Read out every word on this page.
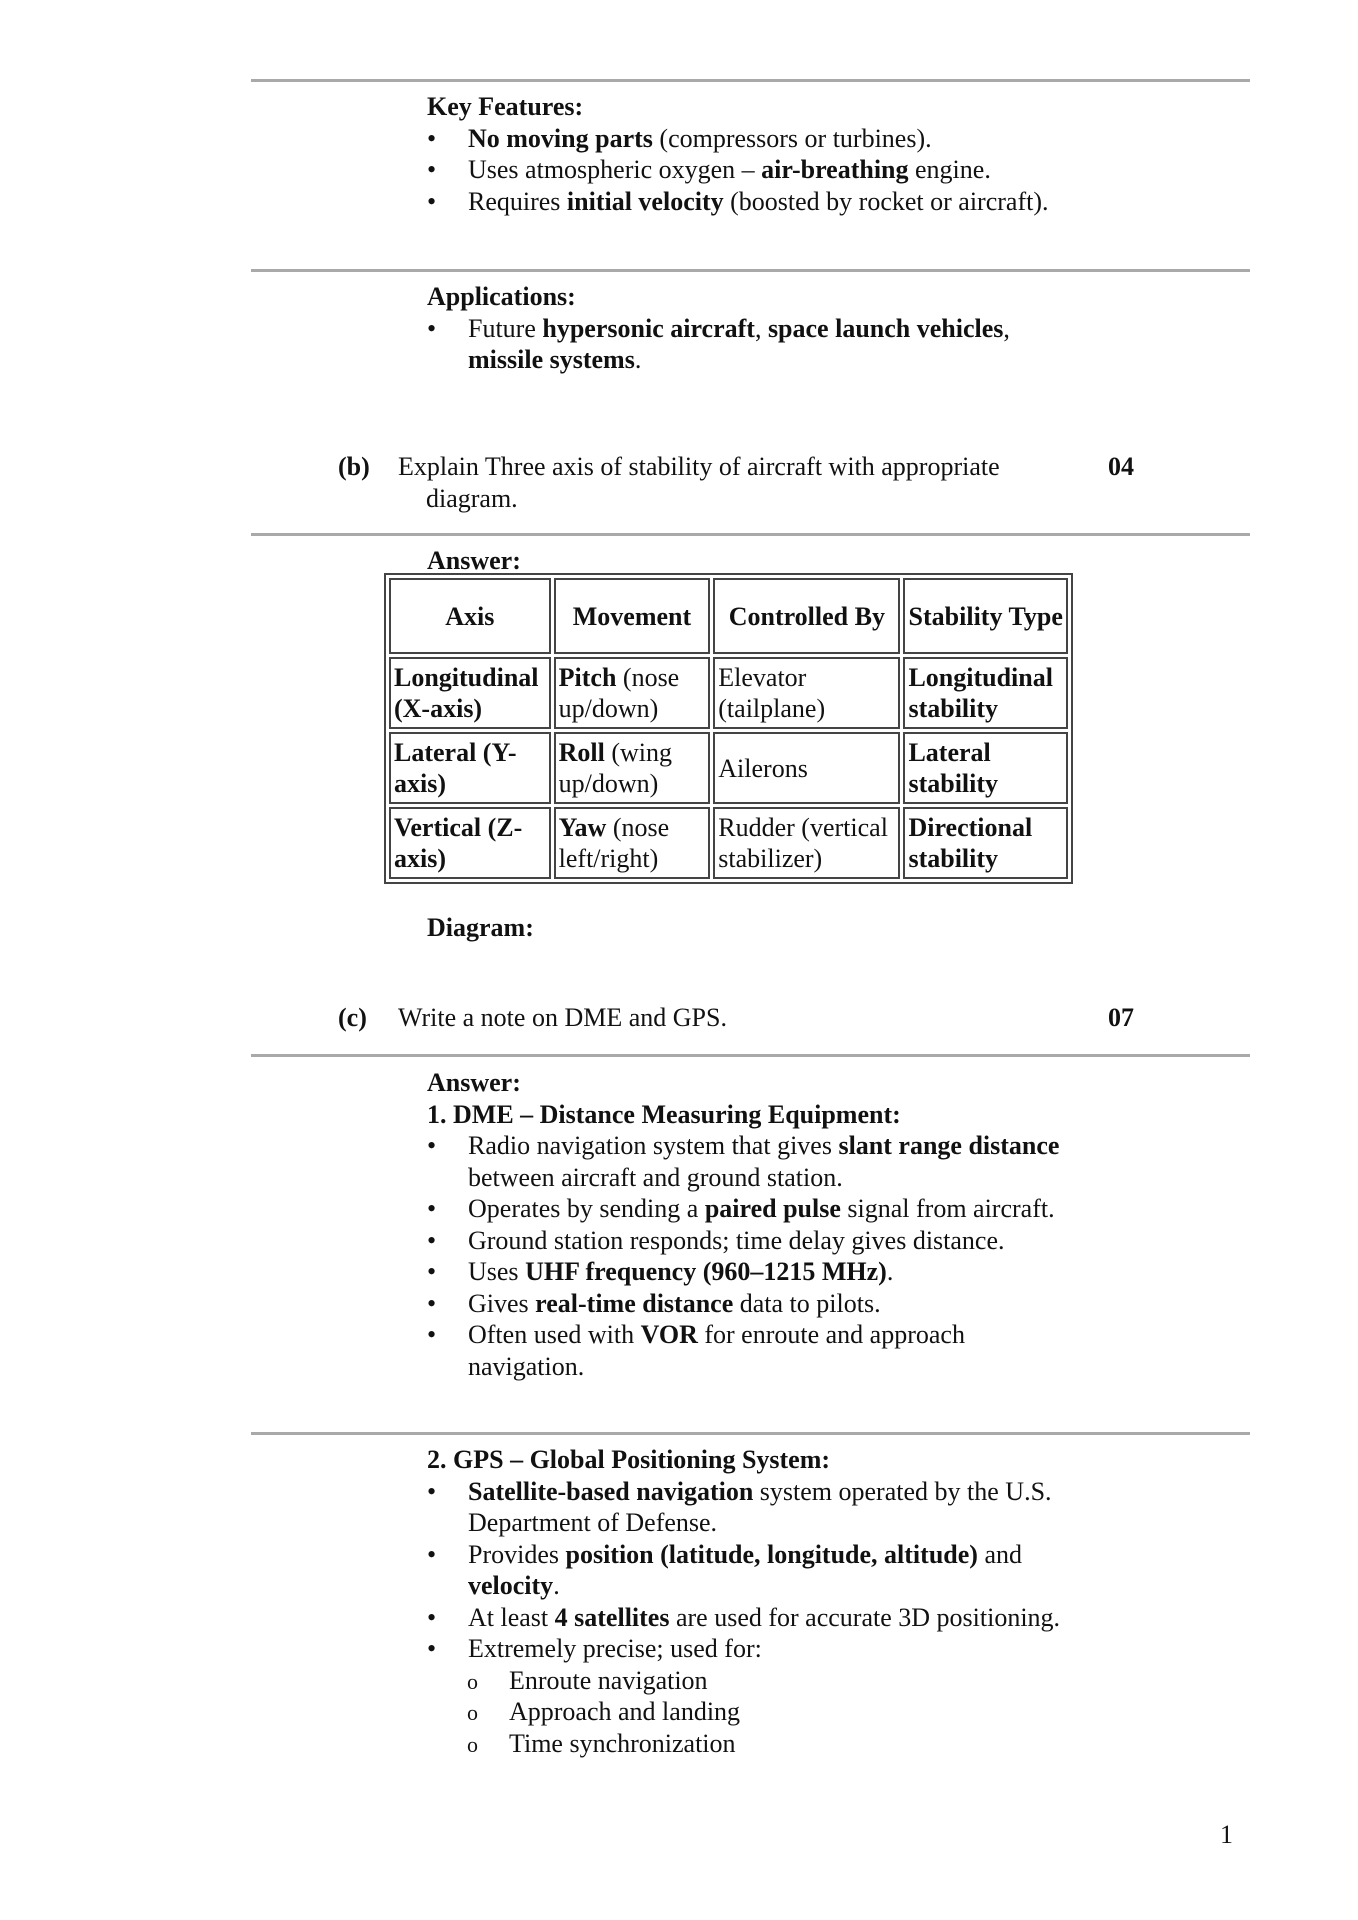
Key Features:
• No moving parts (compressors or turbines).
• Uses atmospheric oxygen – air-breathing engine.
• Requires initial velocity (boosted by rocket or aircraft).
Applications:
• Future hypersonic aircraft, space launch vehicles, missile systems.
(b) Explain Three axis of stability of aircraft with appropriate
diagram.
04
Answer:
Axis	Movement	Controlled By	Stability Type
Longitudinal (X-axis)	Pitch (nose up/down)	Elevator (tailplane)	Longitudinal stability
Lateral (Y-axis)	Roll (wing up/down)	Ailerons	Lateral stability
Vertical (Z-axis)	Yaw (nose left/right)	Rudder (vertical stabilizer)	Directional stability
Diagram:
(c) Write a note on DME and GPS.	07
Answer:
1. DME – Distance Measuring Equipment:
• Radio navigation system that gives slant range distance between aircraft and ground station.
• Operates by sending a paired pulse signal from aircraft.
• Ground station responds; time delay gives distance.
• Uses UHF frequency (960–1215 MHz).
• Gives real-time distance data to pilots.
• Often used with VOR for enroute and approach navigation.
2. GPS – Global Positioning System:
• Satellite-based navigation system operated by the U.S. Department of Defense.
• Provides position (latitude, longitude, altitude) and velocity.
• At least 4 satellites are used for accurate 3D positioning.
• Extremely precise; used for:
o Enroute navigation
o Approach and landing
o Time synchronization
1
